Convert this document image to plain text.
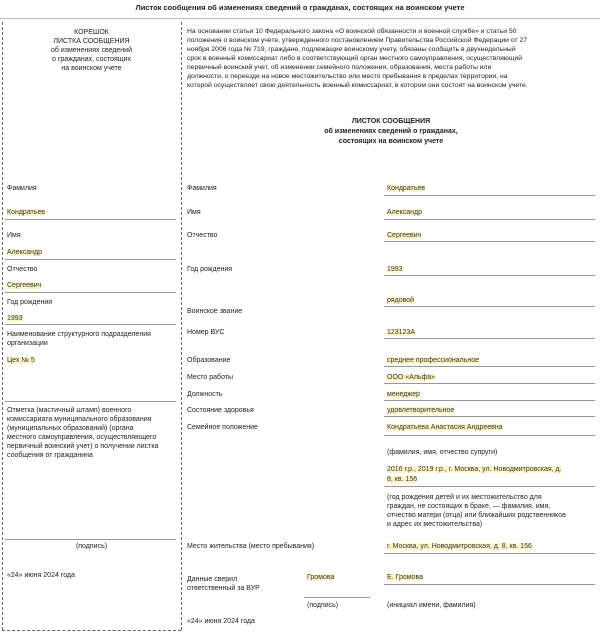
Листок сообщения об изменениях сведений о гражданах, состоящих на воинском учете
КОРЕШОК
ЛИСТКА СООБЩЕНИЯ
об изменениях сведений
о гражданах, состоящих
на воинском учете
Фамилия
Кондратьев
Имя
Александр
Отчество
Сергеевич
Год рождения
1993
Наименование структурного подразделения
организации
Цех № 5
Отметка (мастичный штамп) военного
комиссариата муниципального образования
(муниципальных образований) (органа
местного самоуправления, осуществляющего
первичный воинский учет) о получении листка
сообщения от гражданина
(подпись)
«24» июня 2024 года
На основании статьи 10 Федерального закона «О воинской обязанности и военной службе» и статьи 50
положения о воинском учете, утвержденного постановлением Правительства Российской Федерации от 27
ноября 2006 года № 719, граждане, подлежащие воинскому учету, обязаны сообщить в двухнедельный
срок в военный комиссариат либо в соответствующий орган местного самоуправления, осуществляющий
первичный воинский учет, об изменении семейного положения, образования, места работы или
должности, о переезде на новое местожительство или место пребывания в пределах территории, на
которой осуществляет свою деятельность военный комиссариат, в котором они состоят на воинском учете.
ЛИСТОК СООБЩЕНИЯ
об изменениях сведений о гражданах,
состоящих на воинском учете
Фамилия	Кондратьев
Имя	Александр
Отчество	Сергеевич
Год рождения	1993
Воинское звание
рядовой
Номер ВУС	123123А
Образование	среднее профессиональное
Место работы	ООО «Альфа»
Должность	менеджер
Состояние здоровья	удовлетворительное
Семейное положение	Кондратьева Анастасия Андреевна
(фамилия, имя, отчество супруги)
2016 г.р., 2019 г.р., г. Москва, ул. Новодмитровская, д.
8, кв. 156
(год рождения детей и их местожительство для
граждан, не состоящих в браке, — фамилия, имя,
отчество матери (отца) или ближайших родственников
и адрес их местожительства)
Место жительства (место пребывания)	г. Москва, ул. Новодмитровская, д. 8, кв. 156
Данные сверил
ответственный за ВУР
Громова	Е. Громова
(подпись)	(инициал имени, фамилия)
«24» июня 2024 года
